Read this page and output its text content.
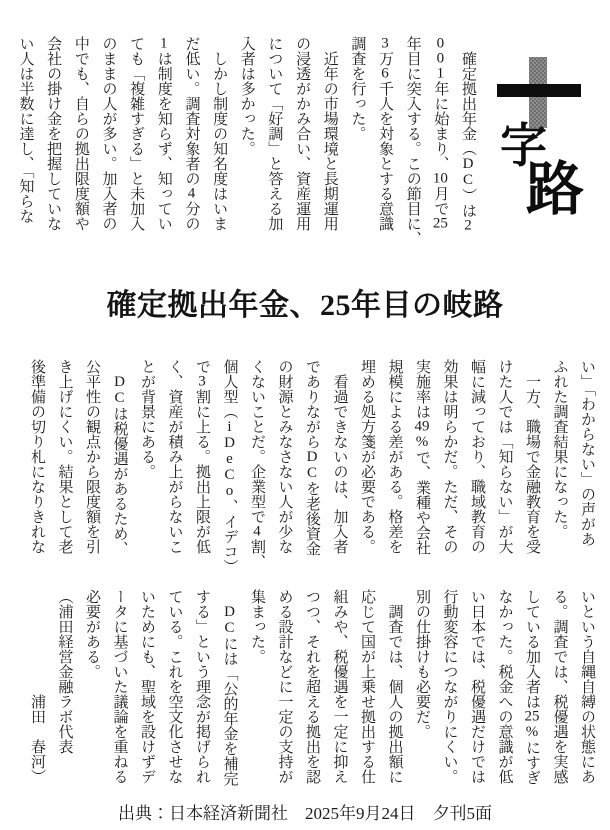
字
路
　確定拠出年金（DC）は2
001年に始まり、10月で25
年目に突入する。この節目に、
3万6千人を対象とする意識
調査を行った。
　近年の市場環境と長期運用
の浸透がかみ合い、資産運用
について「好調」と答える加
入者は多かった。
　しかし制度の知名度はいま
だ低い。調査対象者の4分の
1は制度を知らず、知ってい
ても「複雑すぎる」と未加入
のままの人が多い。加入者の
中でも、自らの拠出限度額や
会社の掛け金を把握していな
い人は半数に達し、「知らな
確定拠出年金、25年目の岐路
い」「わからない」の声があ
ふれた調査結果になった。
　一方、職場で金融教育を受
けた人では「知らない」が大
幅に減っており、職域教育の
効果は明らかだ。ただ、その
実施率は49%で、業種や会社
規模による差がある。格差を
埋める処方箋が必要である。
　看過できないのは、加入者
でありながらDCを老後資金
の財源とみなさない人が少な
くないことだ。企業型で4割、
個人型（iDeCo、イデコ）
で3割に上る。拠出上限が低
く、資産が積み上がらないこ
とが背景にある。
　DCは税優遇があるため、
公平性の観点から限度額を引
き上げにくい。結果として老
後準備の切り札になりきれな
いという自縄自縛の状態にあ
る。調査では、税優遇を実感
している加入者は25%にすぎ
なかった。税金への意識が低
い日本では、税優遇だけでは
行動変容につながりにくい。
別の仕掛けも必要だ。
　調査では、個人の拠出額に
応じて国が上乗せ拠出する仕
組みや、税優遇を一定に抑え
つつ、それを超える拠出を認
める設計などに一定の支持が
集まった。
　DCには「公的年金を補完
する」という理念が掲げられ
ている。これを空文化させな
いためにも、聖域を設けずデ
ータに基づいた議論を重ねる
必要がある。
（浦田経営金融ラボ代表
　　　　　　　浦田　春河）
出典：日本経済新聞社　2025年9月24日　夕刊5面
